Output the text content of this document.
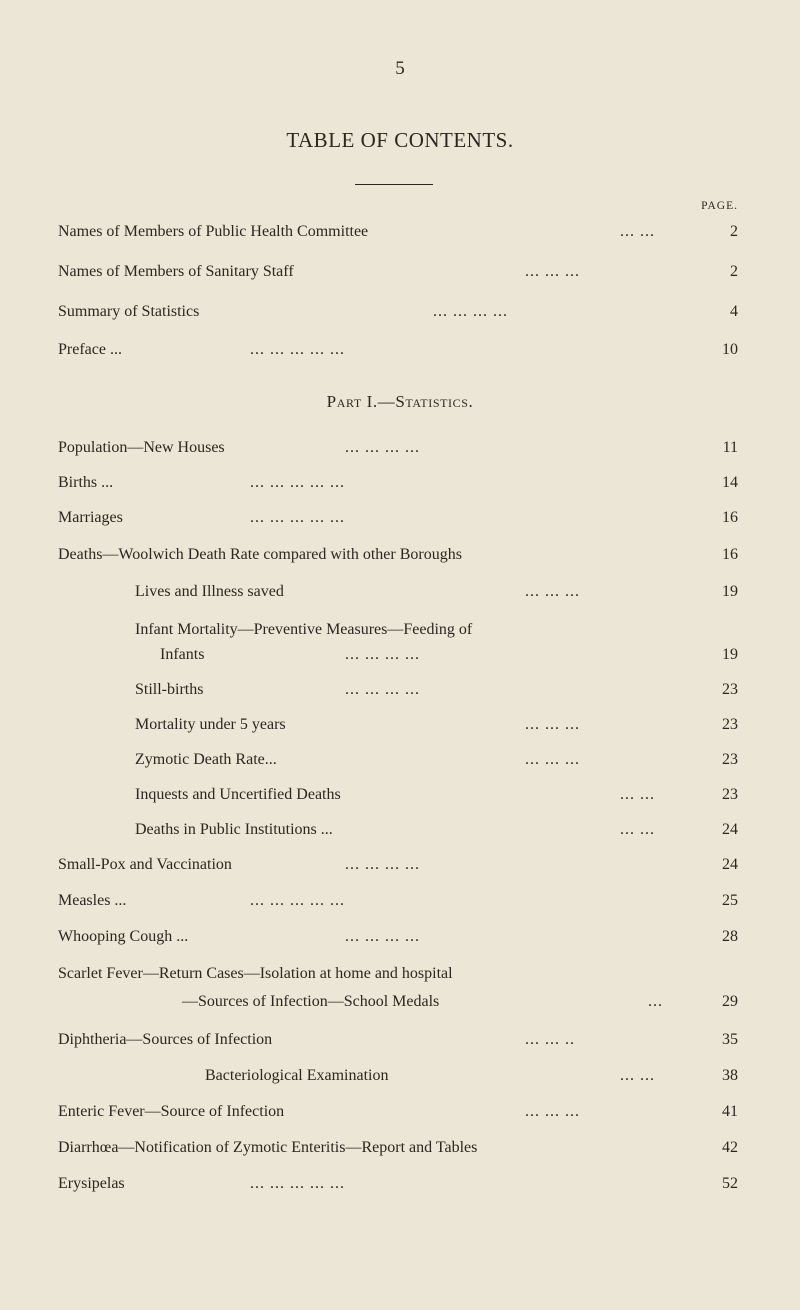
5
TABLE OF CONTENTS.
PAGE.
Names of Members of Public Health Committee	... ...	2
Names of Members of Sanitary Staff	... ... ...	2
Summary of Statistics	... ... ... ...	4
Preface ...	... ... ... ... ...	10
Part I.—Statistics.
Population—New Houses	... ... ... ...	11
Births ...	... ... ... ... ...	14
Marriages	... ... ... ... ...	16
Deaths—Woolwich Death Rate compared with other Boroughs	16
Lives and Illness saved	... ... ...	19
Infant Mortality—Preventive Measures—Feeding of
Infants	... ... ... ...	19
Still-births	... ... ... ...	23
Mortality under 5 years	... ... ...	23
Zymotic Death Rate...	... ... ...	23
Inquests and Uncertified Deaths	... ...	23
Deaths in Public Institutions ...	... ...	24
Small-Pox and Vaccination	... ... ... ...	24
Measles ...	... ... ... ... ...	25
Whooping Cough ...	... ... ... ...	28
Scarlet Fever—Return Cases—Isolation at home and hospital
—Sources of Infection—School Medals	...	29
Diphtheria—Sources of Infection	... ... ..	35
Bacteriological Examination	... ...	38
Enteric Fever—Source of Infection	... ... ...	41
Diarrhœa—Notification of Zymotic Enteritis—Report and Tables	42
Erysipelas	... ... ... ... ...	52
